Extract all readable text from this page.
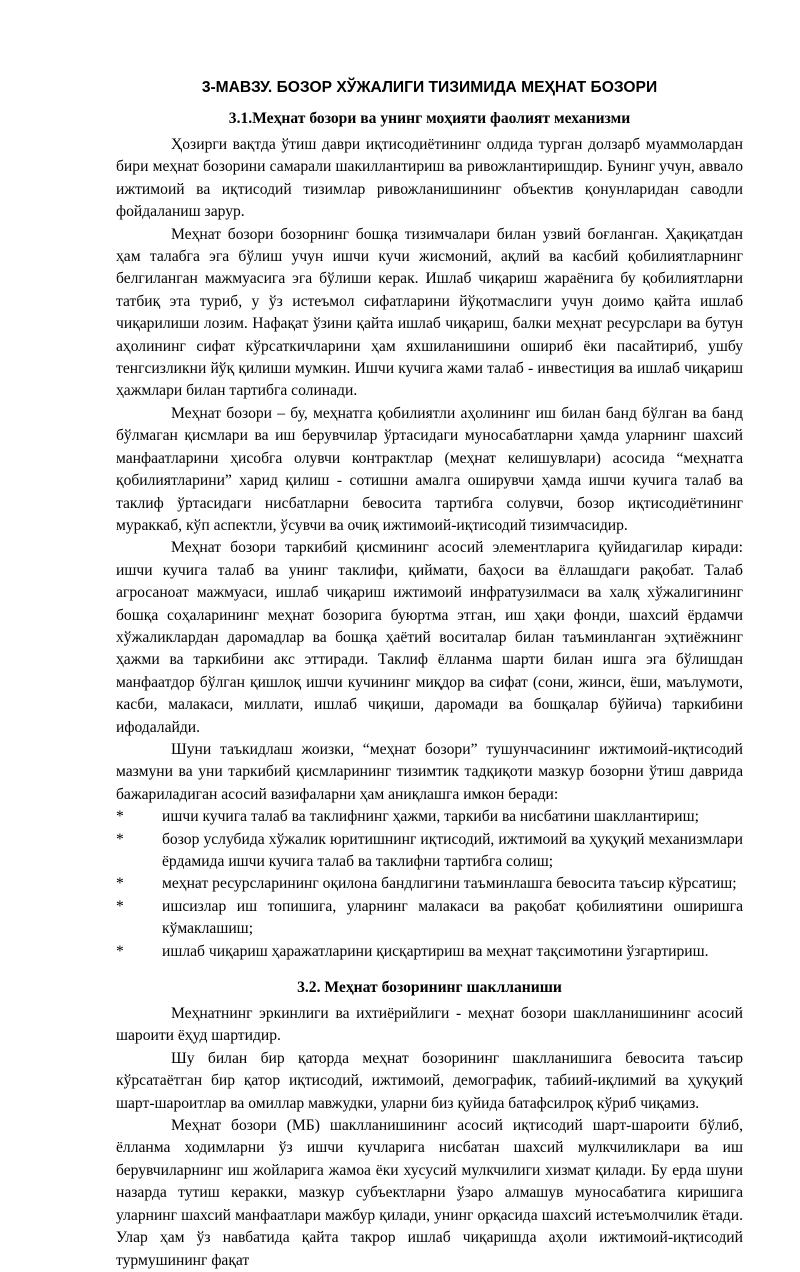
3-МАВЗУ. БОЗОР ХЎЖАЛИГИ ТИЗИМИДА МЕҲНАТ БОЗОРИ
3.1.Меҳнат бозори ва унинг моҳияти фаолият механизми

Ҳозирги вақтда ўтиш даври иқтисодиётининг олдида турган долзарб муаммолардан бири меҳнат бозорини самарали шакиллантириш ва ривожлантиришдир. Бунинг учун, аввало ижтимоий ва иқтисодий тизимлар ривожланишининг объектив қонунларидан саводли фойдаланиш зарур.

Меҳнат бозори бозорнинг бошқа тизимчалари билан узвий боғланган. Ҳақиқатдан ҳам талабга эга бўлиш учун ишчи кучи жисмоний, ақлий ва касбий қобилиятларнинг белгиланган мажмуасига эга бўлиши керак. Ишлаб чиқариш жараёнига бу қобилиятларни татбиқ эта туриб, у ўз истеъмол сифатларини йўқотмаслиги учун доимо қайта ишлаб чиқарилиши лозим. Нафақат ўзини қайта ишлаб чиқариш, балки меҳнат ресурслари ва бутун аҳолининг сифат кўрсаткичларини ҳам яхшиланишини ошириб ёки пасайтириб, ушбу тенгсизликни йўқ қилиши мумкин. Ишчи кучига жами талаб - инвестиция ва ишлаб чиқариш ҳажмлари билан тартибга солинади.

Меҳнат бозори – бу, меҳнатга қобилиятли аҳолининг иш билан банд бўлган ва банд бўлмаган қисмлари ва иш берувчилар ўртасидаги муносабатларни ҳамда уларнинг шахсий манфаатларини ҳисобга олувчи контрактлар (меҳнат келишувлари) асосида “меҳнатга қобилиятларини” харид қилиш - сотишни амалга оширувчи ҳамда ишчи кучига талаб ва таклиф ўртасидаги нисбатларни бевосита тартибга солувчи, бозор иқтисодиётининг мураккаб, кўп аспектли, ўсувчи ва очиқ ижтимоий-иқтисодий тизимчасидир.

Меҳнат бозори таркибий қисмининг асосий элементларига қуйидагилар киради: ишчи кучига талаб ва унинг таклифи, қиймати, баҳоси ва ёллашдаги рақобат. Талаб агросаноат мажмуаси, ишлаб чиқариш ижтимоий инфратузилмаси ва халқ хўжалигининг бошқа соҳаларининг меҳнат бозорига буюртма этган, иш ҳақи фонди, шахсий ёрдамчи хўжаликлардан даромадлар ва бошқа ҳаётий воситалар билан таъминланган эҳтиёжнинг ҳажми ва таркибини акс эттиради. Таклиф ёлланма шарти билан ишга эга бўлишдан манфаатдор бўлган қишлоқ ишчи кучининг миқдор ва сифат (сони, жинси, ёши, маълумоти, касби, малакаси, миллати, ишлаб чиқиши, даромади ва бошқалар бўйича) таркибини ифодалайди.

Шуни таъкидлаш жоизки, “меҳнат бозори” тушунчасининг ижтимоий-иқтисодий мазмуни ва уни таркибий қисмларининг тизимтик тадқиқоти мазкур бозорни ўтиш даврида бажариладиган асосий вазифаларни ҳам аниқлашга имкон беради:

* ишчи кучига талаб ва таклифнинг ҳажми, таркиби ва нисбатини шакллантириш;
* бозор услубида хўжалик юритишнинг иқтисодий, ижтимоий ва ҳуқуқий механизмлари ёрдамида ишчи кучига талаб ва таклифни тартибга солиш;
* меҳнат ресурсларининг оқилона бандлигини таъминлашга бевосита таъсир кўрсатиш;
* ишсизлар иш топишига, уларнинг малакаси ва рақобат қобилиятини оширишга кўмаклашиш;
* ишлаб чиқариш ҳаражатларини қисқартириш ва меҳнат тақсимотини ўзгартириш.
3.2. Меҳнат бозорининг шаклланиши

Меҳнатнинг эркинлиги ва ихтиёрийлиги - меҳнат бозори шаклланишининг асосий шароити ёҳуд шартидир.

Шу билан бир қаторда меҳнат бозорининг шаклланишига бевосита таъсир кўрсатаётган бир қатор иқтисодий, ижтимоий, демографик, табиий-иқлимий ва ҳуқуқий шарт-шароитлар ва омиллар мавжудки, уларни биз қуйида батафсилроқ кўриб чиқамиз.

Меҳнат бозори (МБ) шаклланишининг асосий иқтисодий шарт-шароити бўлиб, ёлланма ходимларни ўз ишчи кучларига нисбатан шахсий мулкчиликлари ва иш берувчиларнинг иш жойларига жамоа ёки хусусий мулкчилиги хизмат қилади. Бу ерда шуни назарда тутиш керакки, мазкур субъектларни ўзаро алмашув муносабатига киришига уларнинг шахсий манфаатлари мажбур қилади, унинг орқасида шахсий истеъмолчилик ётади. Улар ҳам ўз навбатида қайта такрор ишлаб чиқаришда аҳоли ижтимоий-иқтисодий турмушининг фақат
